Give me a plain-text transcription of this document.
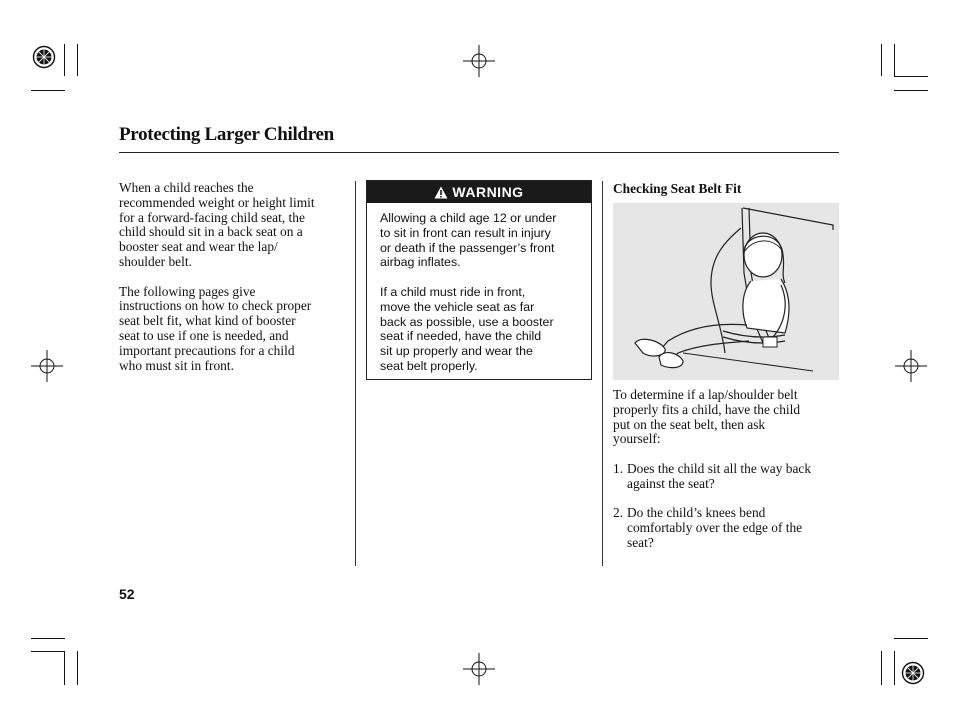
Protecting Larger Children

When a child reaches the
recommended weight or height limit
for a forward-facing child seat, the
child should sit in a back seat on a
booster seat and wear the lap/
shoulder belt.

The following pages give
instructions on how to check proper
seat belt fit, what kind of booster
seat to use if one is needed, and
important precautions for a child
who must sit in front.

WARNING

Allowing a child age 12 or under
to sit in front can result in injury
or death if the passenger’s front
airbag inflates.

If a child must ride in front,
move the vehicle seat as far
back as possible, use a booster
seat if needed, have the child
sit up properly and wear the
seat belt properly.

Checking Seat Belt Fit

To determine if a lap/shoulder belt
properly fits a child, have the child
put on the seat belt, then ask
yourself:

1. Does the child sit all the way back
against the seat?
2. Do the child’s knees bend
comfortably over the edge of the
seat?
52
